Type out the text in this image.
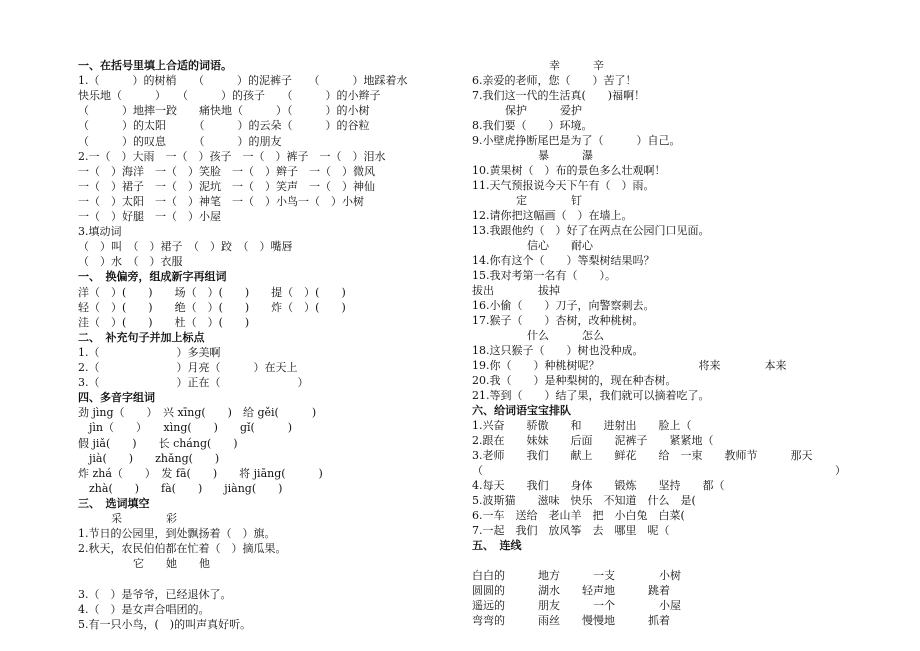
一、在括号里填上合适的词语。
1.（　　　）的树梢　　（　　　）的泥裤子　　（　　　）地踩着水
快乐地（　　　）　　（　　　）的孩子　　（　　　）的小辫子
（　　　）地摔一跤　　痛快地（　　　）（　　　）的小树
（　　　）的太阳　　　（　　　）的云朵（　　　）的谷粒
（　　　）的叹息　　　（　　　）的朋友
2.一（　）大雨　一（　）孩子　一（　）裤子　一（　）泪水
一（　）海洋　一（　）笑脸　一（　）辫子　一（　）微风
一（　）裙子　一（　）泥坑　一（　）笑声　一（　）神仙
一（　）太阳　一（　）神笔　一（　）小鸟一（　）小树
一（　）好腿　一（　）小屋
3.填动词
（　）叫　（　）裙子　（　）跤　（　）嘴唇
（　）水　（　）衣服
一、　换偏旁，组成新字再组词
洋（　）(　　)　　场（　）(　　)　　提（　）(　　)
轻（　）(　　)　　绝（　）(　　)　　炸（　）(　　)
洼（　）(　　)　　杜（　）(　　)
二、　补充句子并加上标点
1.（　　　　　　　）多美啊
2.（　　　　　　　）月亮（　　　）在天上
3.（　　　　　　　）正在（　　　　　　　）
四、多音字组词
劲 jìng（　　）　兴 xīng(　　)　给 gěi(　　　)
　jìn（　　）　　xìng(　　)　　gǐ(　　　)
假 jiǎ(　　)　　长 cháng(　　)
　jià(　　)　　zhǎng(　　)
炸 zhá（　　）　发 fā(　　)　　将 jiāng(　　　)
　zhà(　　)　　fà(　　)　　jiàng(　　)
三、　选词填空
　　　采　　　　彩
1.节日的公园里，到处飘扬着（　）旗。
2.秋天，农民伯伯都在忙着（　）摘瓜果。
　　　　　它　　她　　他
3.（　）是爷爷，已经退休了。
4.（　）是女声合唱团的。
5.有一只小鸟，(　)的叫声真好听。
　　　　　　　幸　　　辛
6.亲爱的老师，您（　　）苦了！
7.我们这一代的生活真(　　)福啊！
　　　保护　　　爱护
8.我们要（　　）环境。
9.小壁虎挣断尾巴是为了（　　　）自己。
　　　　　　暴　　　瀑
10.黄果树（　）布的景色多么壮观啊！
11.天气预报说今天下午有（　）雨。
　　　　定　　　　钉
12.请你把这幅画（　）在墙上。
13.我跟他约（　）好了在两点在公园门口见面。
　　　　　信心　　耐心
14.你有这个（　　）等梨树结果吗？
15.我对考第一名有（　　）。
拔出　　　　拔掉
16.小偷（　　）刀子，向警察刺去。
17.猴子（　　）杏树，改种桃树。
　　　　　什么　　　怎么
18.这只猴子（　　）树也没种成。
19.你（　　）种桃树呢？　　　　　　　　　将来　　　　本来
20.我（　　）是种梨树的，现在种杏树。
21.等到（　　）结了果，我们就可以摘着吃了。
六、给词语宝宝排队
1.兴奋　　骄傲　　和　　进射出　　脸上（
2.跟在　　妹妹　　后面　　泥裤子　　紧紧地（
3.老师　　我们　　献上　　鲜花　　给　一束　　教师节　　　那天
（　　　　　　　　　　　　　　　　　　　　　　　　　　　　　　　　）
4.每天　　我们　　身体　　锻炼　　坚持　　都（
5.波斯猫　　滋味　快乐　不知道　什么　是(
6.一车　送给　老山羊　把　小白兔　白菜(
7.一起　我们　放风筝　去　哪里　呢（
五、　连线
白白的　　　地方　　　一支　　　　小树
圆圆的　　　湖水　　轻声地　　　跳着
遥远的　　　朋友　　　一个　　　　小屋
弯弯的　　　雨丝　　慢慢地　　　抓着
